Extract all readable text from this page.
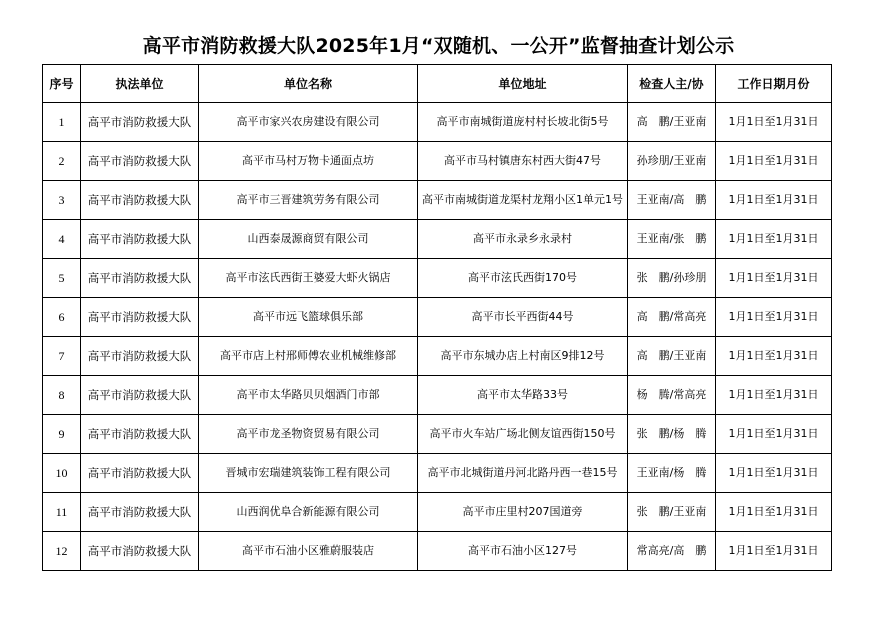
高平市消防救援大队2025年1月“双随机、一公开”监督抽查计划公示
序号	执法单位	单位名称	单位地址	检查人主/协	工作日期月份
1	高平市消防救援大队	高平市家兴农房建设有限公司	高平市南城街道庞村村长坡北街5号	高　鹏/王亚南	1月1日至1月31日
2	高平市消防救援大队	高平市马村万物卡通面点坊	高平市马村镇唐东村西大街47号	孙珍朋/王亚南	1月1日至1月31日
3	高平市消防救援大队	高平市三晋建筑劳务有限公司	高平市南城街道龙渠村龙翔小区1单元1号	王亚南/高　鹏	1月1日至1月31日
4	高平市消防救援大队	山西泰晟源商贸有限公司	高平市永录乡永录村	王亚南/张　鹏	1月1日至1月31日
5	高平市消防救援大队	高平市泫氏西街王婆爱大虾火锅店	高平市泫氏西街170号	张　鹏/孙珍朋	1月1日至1月31日
6	高平市消防救援大队	高平市远飞篮球俱乐部	高平市长平西街44号	高　鹏/常高亮	1月1日至1月31日
7	高平市消防救援大队	高平市店上村邢师傅农业机械维修部	高平市东城办店上村南区9排12号	高　鹏/王亚南	1月1日至1月31日
8	高平市消防救援大队	高平市太华路贝贝烟酒门市部	高平市太华路33号	杨　腾/常高亮	1月1日至1月31日
9	高平市消防救援大队	高平市龙圣物资贸易有限公司	高平市火车站广场北侧友谊西街150号	张　鹏/杨　腾	1月1日至1月31日
10	高平市消防救援大队	晋城市宏瑞建筑装饰工程有限公司	高平市北城街道丹河北路丹西一巷15号	王亚南/杨　腾	1月1日至1月31日
11	高平市消防救援大队	山西润优阜合新能源有限公司	高平市庄里村207国道旁	张　鹏/王亚南	1月1日至1月31日
12	高平市消防救援大队	高平市石油小区雅蔚服装店	高平市石油小区127号	常高亮/高　鹏	1月1日至1月31日
